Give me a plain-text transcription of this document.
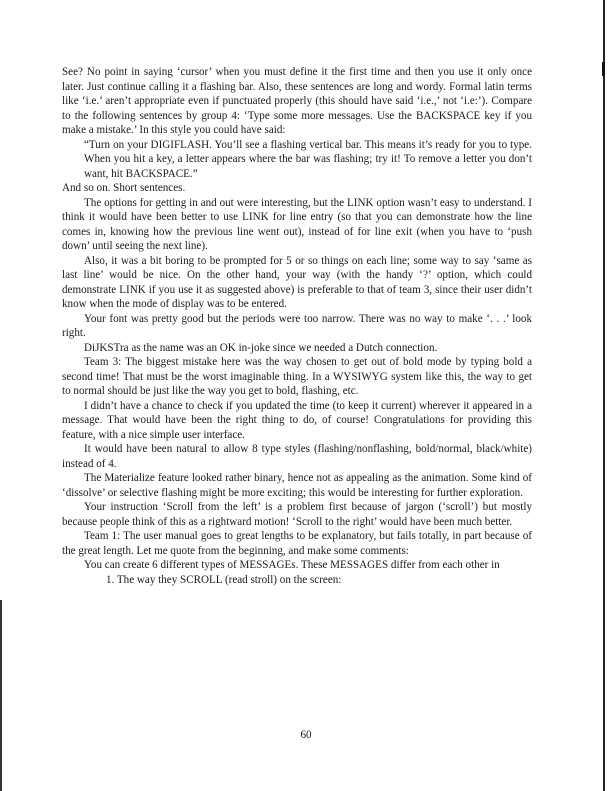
See? No point in saying ‘cursor’ when you must define it the first time and then you use it only once later. Just continue calling it a flashing bar. Also, these sentences are long and wordy. Formal latin terms like ‘i.e.’ aren’t appropriate even if punctuated properly (this should have said ‘i.e.,’ not ‘i.e:’). Compare to the following sentences by group 4: ‘Type some more messages. Use the BACKSPACE key if you make a mistake.’ In this style you could have said:

“Turn on your DIGIFLASH. You’ll see a flashing vertical bar. This means it’s ready for you to type. When you hit a key, a letter appears where the bar was flashing; try it! To remove a letter you don’t want, hit BACKSPACE.”

And so on. Short sentences.

The options for getting in and out were interesting, but the LINK option wasn’t easy to understand. I think it would have been better to use LINK for line entry (so that you can demonstrate how the line comes in, knowing how the previous line went out), instead of for line exit (when you have to ‘push down’ until seeing the next line).

Also, it was a bit boring to be prompted for 5 or so things on each line; some way to say ‘same as last line’ would be nice. On the other hand, your way (with the handy ‘?’ option, which could demonstrate LINK if you use it as suggested above) is preferable to that of team 3, since their user didn’t know when the mode of display was to be entered.

Your font was pretty good but the periods were too narrow. There was no way to make ‘. . .’ look right.

DiJKSTra as the name was an OK in-joke since we needed a Dutch connection.

Team 3: The biggest mistake here was the way chosen to get out of bold mode by typing bold a second time! That must be the worst imaginable thing. In a WYSIWYG system like this, the way to get to normal should be just like the way you get to bold, flashing, etc.

I didn’t have a chance to check if you updated the time (to keep it current) wherever it appeared in a message. That would have been the right thing to do, of course! Congratulations for providing this feature, with a nice simple user interface.

It would have been natural to allow 8 type styles (flashing/nonflashing, bold/normal, black/white) instead of 4.

The Materialize feature looked rather binary, hence not as appealing as the animation. Some kind of ‘dissolve’ or selective flashing might be more exciting; this would be interesting for further exploration.

Your instruction ‘Scroll from the left’ is a problem first because of jargon (‘scroll’) but mostly because people think of this as a rightward motion! ‘Scroll to the right’ would have been much better.

Team 1: The user manual goes to great lengths to be explanatory, but fails totally, in part because of the great length. Let me quote from the beginning, and make some comments:

You can create 6 different types of MESSAGEs. These MESSAGES differ from each other in

1. The way they SCROLL (read stroll) on the screen:

60
